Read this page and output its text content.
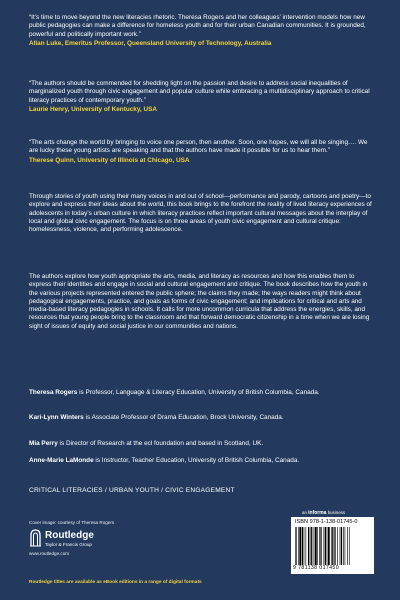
“It’s time to move beyond the new literacies rhetoric. Theresa Rogers and her colleagues’ intervention models how new public pedagogies can make a difference for homeless youth and for their urban Canadian communities. It is grounded, powerful and politically important work.”

Allan Luke, Emeritus Professor, Queensland University of Technology, Australia

“The authors should be commended for shedding light on the passion and desire to address social inequalities of marginalized youth through civic engagement and popular culture while embracing a multidisciplinary approach to critical literacy practices of contemporary youth.”

Laurie Henry, University of Kentucky, USA

“The arts change the world by bringing to voice one person, then another. Soon, one hopes, we will all be singing…. We are lucky these young artists are speaking and that the authors have made it possible for us to hear them.”

Therese Quinn, University of Illinois at Chicago, USA

Through stories of youth using their many voices in and out of school—performance and parody, cartoons and poetry—to explore and express their ideas about the world, this book brings to the forefront the reality of lived literacy experiences of adolescents in today’s urban culture in which literacy practices reflect important cultural messages about the interplay of local and global civic engagement. The focus is on three areas of youth civic engagement and cultural critique: homelessness, violence, and performing adolescence.

The authors explore how youth appropriate the arts, media, and literacy as resources and how this enables them to express their identities and engage in social and cultural engagement and critique. The book describes how the youth in the various projects represented entered the public sphere; the claims they made; the ways readers might think about pedagogical engagements, practice, and goals as forms of civic engagement; and implications for critical and arts and media-based literacy pedagogies in schools. It calls for more uncommon curricula that address the energies, skills, and resources that young people bring to the classroom and that forward democratic citizenship in a time when we are losing sight of issues of equity and social justice in our communities and nations.

Theresa Rogers is Professor, Language & Literacy Education, University of British Columbia, Canada.

Kari-Lynn Winters is Associate Professor of Drama Education, Brock University, Canada.

Mia Perry is Director of Research at the ecl foundation and based in Scotland, UK.

Anne-Marie LaMonde is Instructor, Teacher Education, University of British Columbia, Canada.

CRITICAL LITERACIES / URBAN YOUTH / CIVIC ENGAGEMENT
Cover image: courtesy of Theresa Rogers
Routledge
Taylor & Francis Group
www.routledge.com
an informa business
ISBN 978-1-138-01745-0
9 781138 017450
Routledge titles are available as eBook editions in a range of digital formats
